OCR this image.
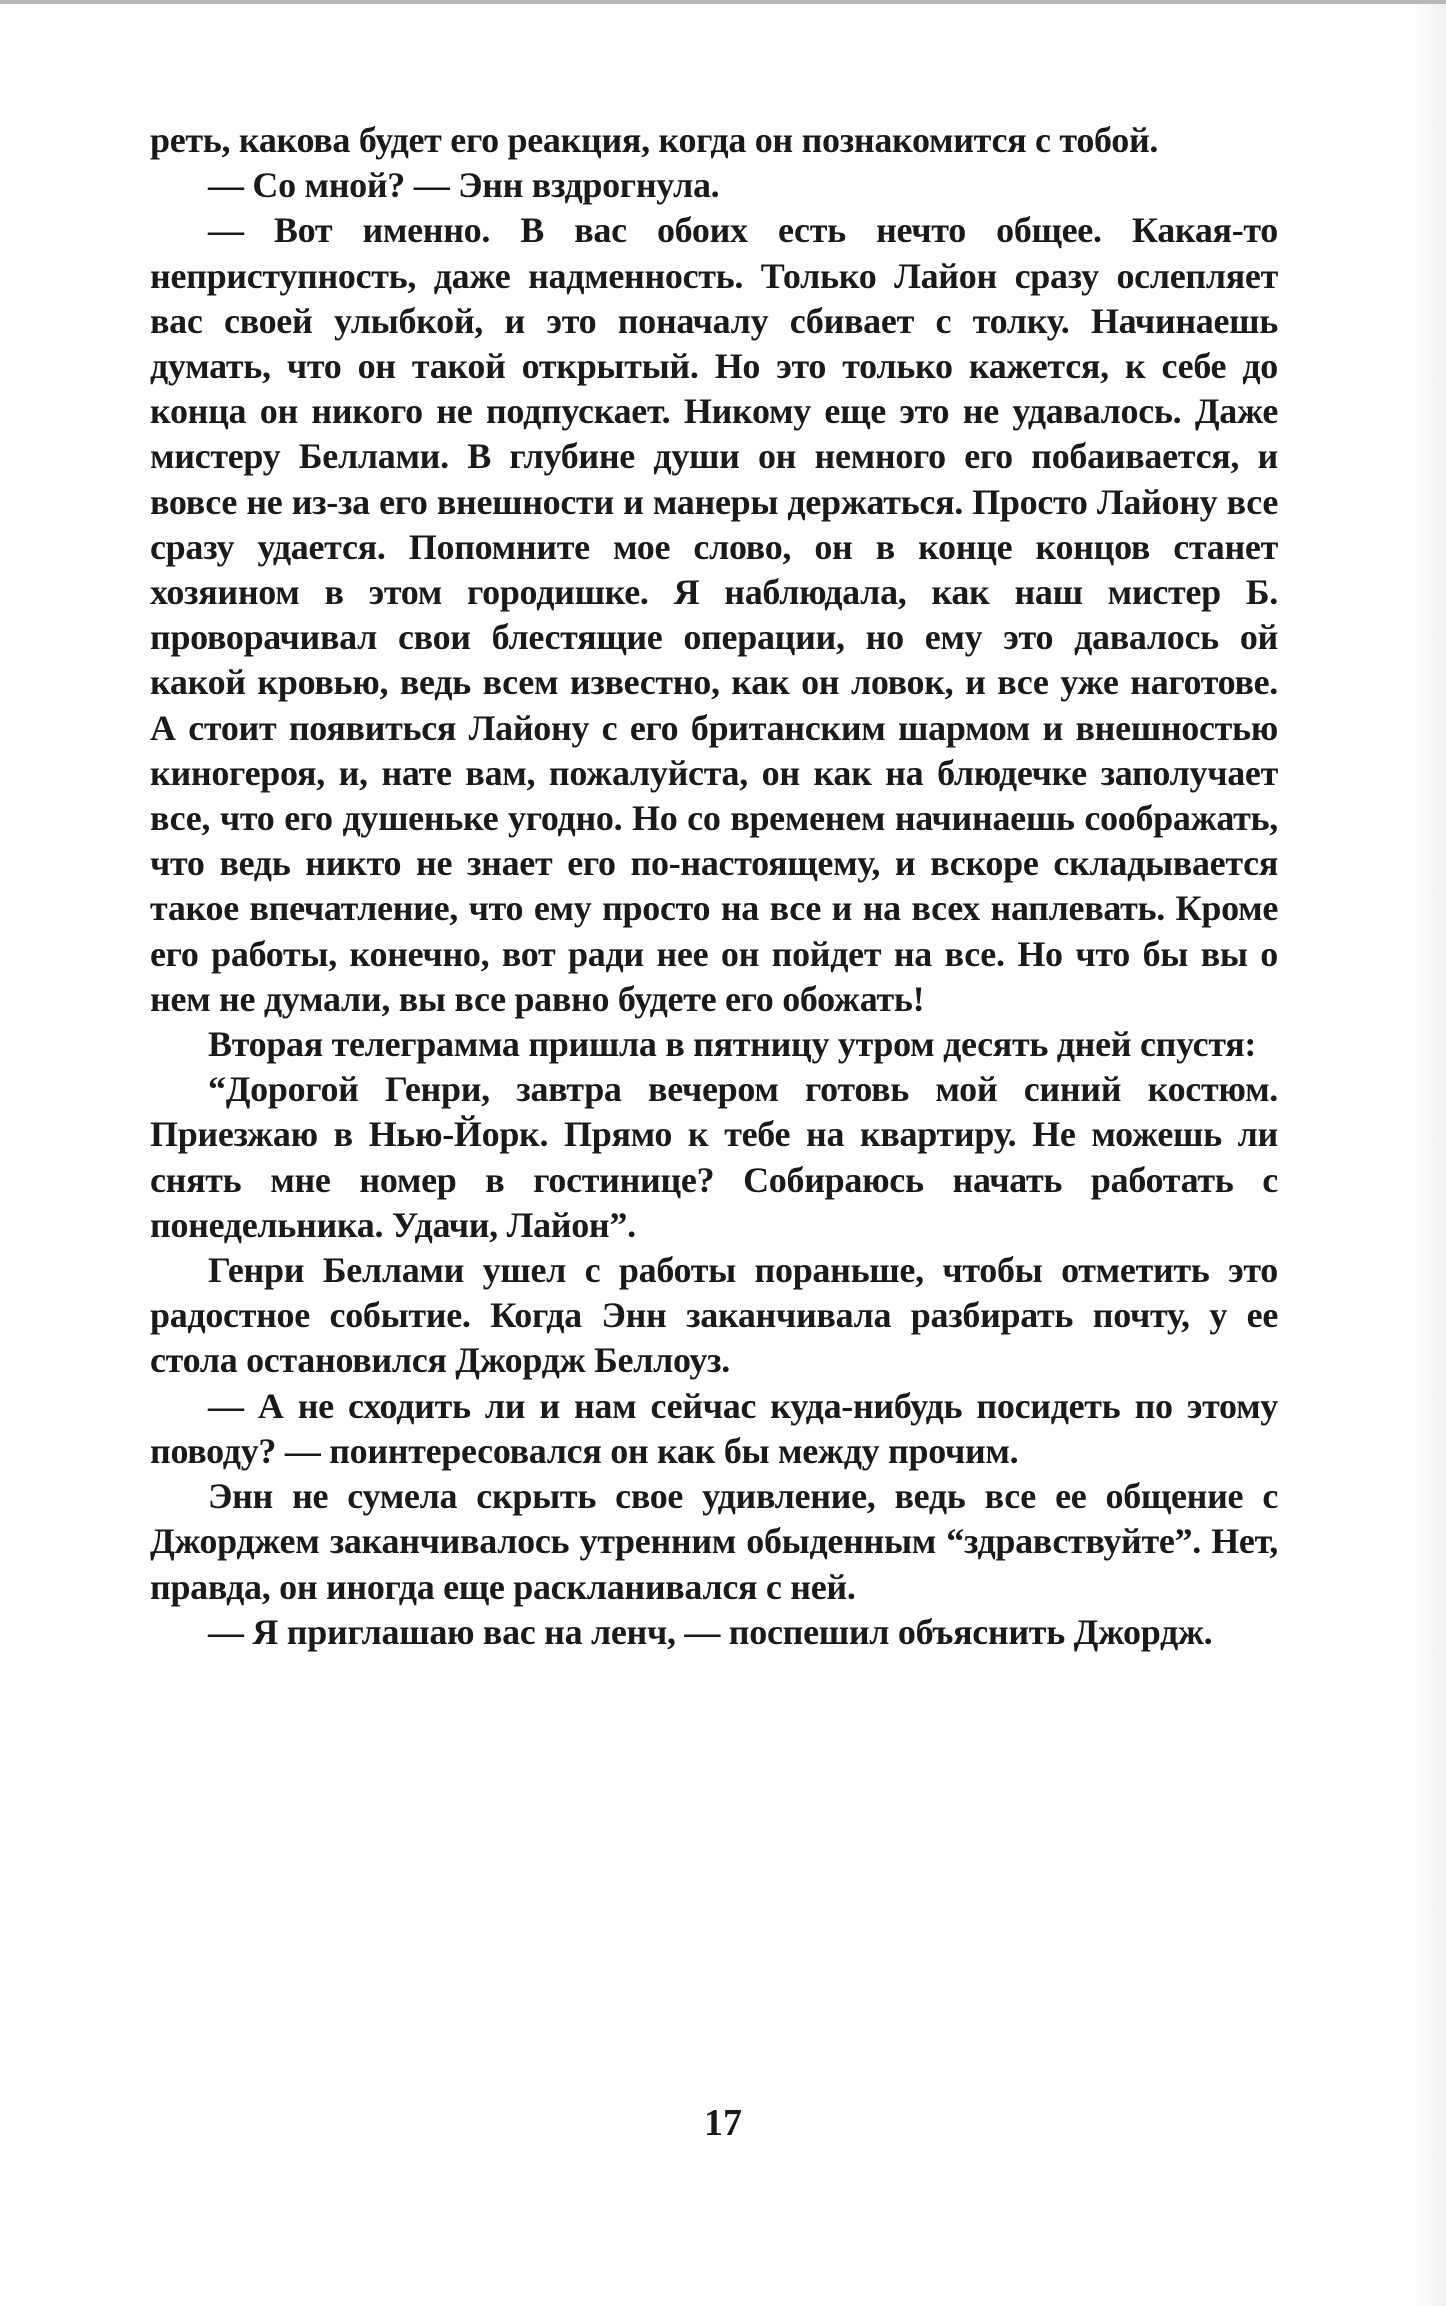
реть, какова будет его реакция, когда он познакомится с тобой.

— Со мной? — Энн вздрогнула.

— Вот именно. В вас обоих есть нечто общее. Какая-то неприступность, даже надменность. Только Лайон сразу ослепляет вас своей улыбкой, и это поначалу сбивает с толку. Начинаешь думать, что он такой открытый. Но это только кажется, к себе до конца он никого не подпускает. Никому еще это не удавалось. Даже мистеру Беллами. В глубине души он немного его побаивается, и вовсе не из-за его внешности и манеры держаться. Просто Лайону все сразу удается. Попомните мое слово, он в конце концов станет хозяином в этом городишке. Я наблюдала, как наш мистер Б. проворачивал свои блестящие операции, но ему это давалось ой какой кровью, ведь всем известно, как он ловок, и все уже наготове. А стоит появиться Лайону с его британским шармом и внешностью киногероя, и, нате вам, пожалуйста, он как на блюдечке заполучает все, что его душеньке угодно. Но со временем начинаешь соображать, что ведь никто не знает его по-настоящему, и вскоре складывается такое впечатление, что ему просто на все и на всех наплевать. Кроме его работы, конечно, вот ради нее он пойдет на все. Но что бы вы о нем не думали, вы все равно будете его обожать!

Вторая телеграмма пришла в пятницу утром десять дней спустя:

“Дорогой Генри, завтра вечером готовь мой синий костюм. Приезжаю в Нью-Йорк. Прямо к тебе на квартиру. Не можешь ли снять мне номер в гостинице? Собираюсь начать работать с понедельника. Удачи, Лайон”.

Генри Беллами ушел с работы пораньше, чтобы отметить это радостное событие. Когда Энн заканчивала разбирать почту, у ее стола остановился Джордж Беллоуз.

— А не сходить ли и нам сейчас куда-нибудь посидеть по этому поводу? — поинтересовался он как бы между прочим.

Энн не сумела скрыть свое удивление, ведь все ее общение с Джорджем заканчивалось утренним обыденным “здравствуйте”. Нет, правда, он иногда еще раскланивался с ней.

— Я приглашаю вас на ленч, — поспешил объяснить Джордж.

17
